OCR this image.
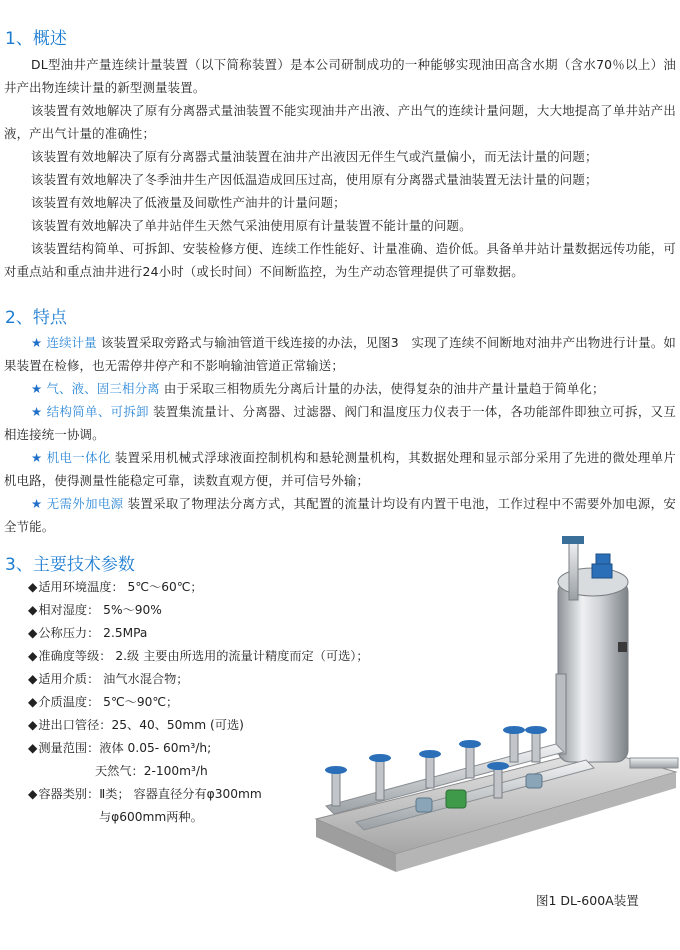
1、概述

DL型油井产量连续计量装置（以下简称装置）是本公司研制成功的一种能够实现油田高含水期（含水70％以上）油井产出物连续计量的新型测量装置。

该装置有效地解决了原有分离器式量油装置不能实现油井产出液、产出气的连续计量问题，大大地提高了单井站产出液，产出气计量的准确性；

该装置有效地解决了原有分离器式量油装置在油井产出液因无伴生气或汽量偏小，而无法计量的问题；

该装置有效地解决了冬季油井生产因低温造成回压过高，使用原有分离器式量油装置无法计量的问题；

该装置有效地解决了低液量及间歇性产油井的计量问题；

该装置有效地解决了单井站伴生天然气采油使用原有计量装置不能计量的问题。

该装置结构简单、可拆卸、安装检修方便、连续工作性能好、计量准确、造价低。具备单井站计量数据远传功能，可对重点站和重点油井进行24小时（或长时间）不间断监控，为生产动态管理提供了可靠数据。

2、特点

★ 连续计量 该装置采取旁路式与输油管道干线连接的办法，见图3　实现了连续不间断地对油井产出物进行计量。如果装置在检修，也无需停井停产和不影响输油管道正常输送；

★ 气、液、固三相分离 由于采取三相物质先分离后计量的办法，使得复杂的油井产量计量趋于简单化；

★ 结构简单、可拆卸 装置集流量计、分离器、过滤器、阀门和温度压力仪表于一体，各功能部件即独立可拆，又互相连接统一协调。

★ 机电一体化 装置采用机械式浮球液面控制机构和悬轮测量机构，其数据处理和显示部分采用了先进的微处理单片机电路，使得测量性能稳定可靠，读数直观方便，并可信号外输；

★ 无需外加电源 装置采取了物理法分离方式，其配置的流量计均设有内置干电池，工作过程中不需要外加电源，安全节能。

3、主要技术参数

◆适用环境温度： 5℃～60℃；

◆相对湿度： 5%～90%

◆公称压力： 2.5MPa

◆准确度等级： 2.级 主要由所选用的流量计精度而定（可选）；

◆适用介质： 油气水混合物；

◆介质温度： 5℃～90℃；

◆进出口管径：25、40、50mm (可选)

◆测量范围：液体 0.05- 60m³/h;

天然气：2-100m³/h

◆容器类别：Ⅱ类； 容器直径分有φ300mm

与φ600mm两种。

图1 DL-600A装置
